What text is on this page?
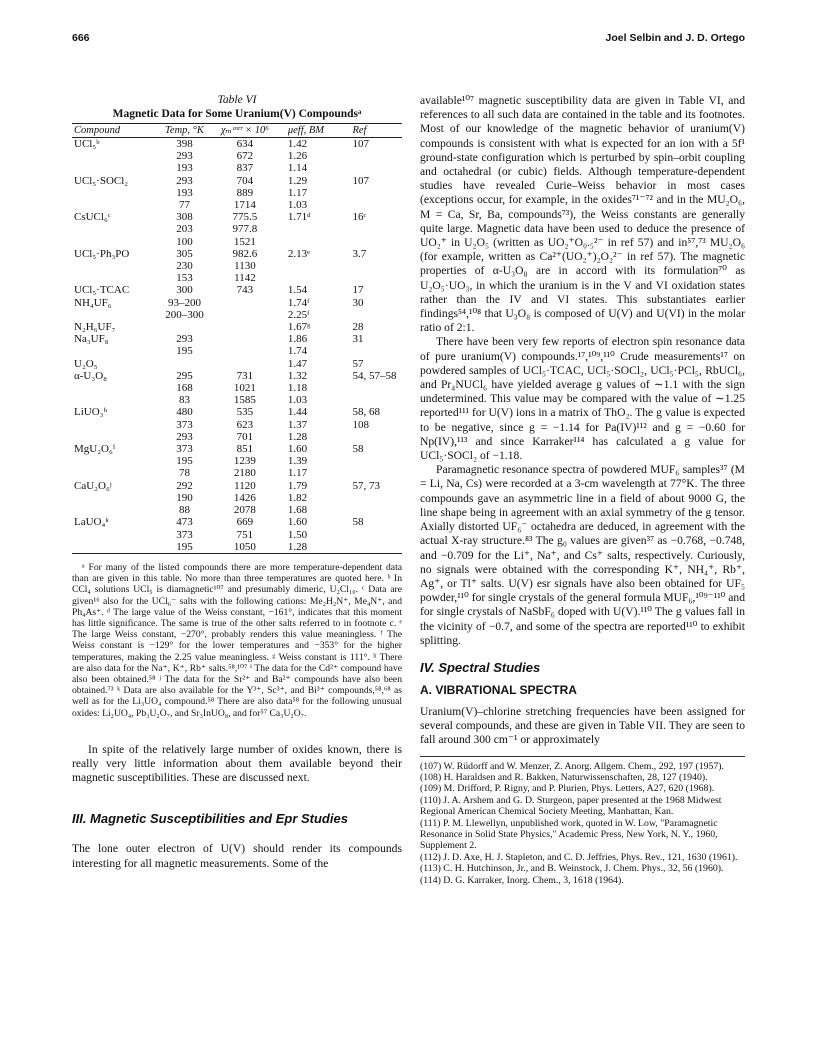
666	Joel Selbin and J. D. Ortego

Table VI

Magnetic Data for Some Uranium(V) Compoundsᵃ

Compound	Temp, °K	χₘᶜᵒʳʳ × 10⁶	μeff, BM	Ref
UCl₅ᵇ	398	634	1.42	107
	293	672	1.26	
	193	837	1.14	
UCl₅·SOCl₂	293	704	1.29	107
	193	889	1.17	
	77	1714	1.03	
CsUCl₆ᶜ	308	775.5	1.71ᵈ	16ᶜ
	203	977.8		
	100	1521		
UCl₅·Ph₃PO	305	982.6	2.13ᵉ	3.7
	230	1130		
	153	1142		
UCl₅·TCAC	300	743	1.54	17
NH₄UF₆	93–200		1.74ᶠ	30
	200–300		2.25ᶠ	
N₂H₆UF₇			1.67ᵍ	28
Na₃UF₈	293		1.86	31
	195		1.74	
U₂O₅			1.47	57
α-U₃O₈	295	731	1.32	54, 57–58
	168	1021	1.18	
	83	1585	1.03	
LiUO₃ʰ	480	535	1.44	58, 68
	373	623	1.37	108
	293	701	1.28	
MgU₂O₆ⁱ	373	851	1.60	58
	195	1239	1.39	
	78	2180	1.17	
CaU₂O₆ʲ	292	1120	1.79	57, 73
	190	1426	1.82	
	88	2078	1.68	
LaUO₄ᵏ	473	669	1.60	58
	373	751	1.50	
	195	1050	1.28	
ᵃ For many of the listed compounds there are more temperature-dependent data than are given in this table. No more than three temperatures are quoted here. ᵇ In CCl₄ solutions UCl₅ is diamagnetic¹⁰⁷ and presumably dimeric, U₂Cl₁₀. ᶜ Data are given¹⁶ also for the UCl₆⁻ salts with the following cations: Me₂H₂N⁺, Me₄N⁺, and Ph₄As⁺. ᵈ The large value of the Weiss constant, −161°, indicates that this moment has little significance. The same is true of the other salts referred to in footnote c. ᵉ The large Weiss constant, −270°, probably renders this value meaningless. ᶠ The Weiss constant is −129° for the lower temperatures and −353° for the higher temperatures, making the 2.25 value meaningless. ᵍ Weiss constant is 111°. ʰ There are also data for the Na⁺, K⁺, Rb⁺ salts.⁵⁸,¹⁰⁷ ⁱ The data for the Cd²⁺ compound have also been obtained.⁵⁸ ʲ The data for the Sr²⁺ and Ba²⁺ compounds have also been obtained.⁷³ ᵏ Data are also available for the Y³⁺, Sc³⁺, and Bi³⁺ compounds,⁵⁸,⁶⁸ as well as for the Li₃UO₄ compound.⁵⁸ There are also data⁵⁸ for the following unusual oxides: Li₂UO₄, Pb₃U₂O₇, and Sr₃InUO₈, and for⁵⁷ Ca₃U₂O₇.

In spite of the relatively large number of oxides known, there is really very little information about them available beyond their magnetic susceptibilities. These are discussed next.

III. Magnetic Susceptibilities and Epr Studies

The lone outer electron of U(V) should render its compounds interesting for all magnetic measurements. Some of the

available¹⁰⁷ magnetic susceptibility data are given in Table VI, and references to all such data are contained in the table and its footnotes. Most of our knowledge of the magnetic behavior of uranium(V) compounds is consistent with what is expected for an ion with a 5f¹ ground-state configuration which is perturbed by spin–orbit coupling and octahedral (or cubic) fields. Although temperature-dependent studies have revealed Curie–Weiss behavior in most cases (exceptions occur, for example, in the oxides⁷¹⁻⁷² and in the MU₂O₆, M = Ca, Sr, Ba, compounds⁷³), the Weiss constants are generally quite large. Magnetic data have been used to deduce the presence of UO₂⁺ in U₂O₅ (written as UO₂⁺O₀.₅²⁻ in ref 57) and in⁵⁷,⁷³ MU₂O₆ (for example, written as Ca²⁺(UO₂⁺)₂O₂²⁻ in ref 57). The magnetic properties of α-U₃O₈ are in accord with its formulation⁷⁰ as U₂O₅·UO₃, in which the uranium is in the V and VI oxidation states rather than the IV and VI states. This substantiates earlier findings⁵⁴,¹⁰⁸ that U₃O₈ is composed of U(V) and U(VI) in the molar ratio of 2:1.

There have been very few reports of electron spin resonance data of pure uranium(V) compounds.¹⁷,¹⁰⁹,¹¹⁰ Crude measurements¹⁷ on powdered samples of UCl₅·TCAC, UCl₅·SOCl₂, UCl₅·PCl₅, RbUCl₆, and Pr₄NUCl₆ have yielded average g values of ∼1.1 with the sign undetermined. This value may be compared with the value of ∼1.25 reported¹¹¹ for U(V) ions in a matrix of ThO₂. The g value is expected to be negative, since g = −1.14 for Pa(IV)¹¹² and g = −0.60 for Np(IV),¹¹³ and since Karraker¹¹⁴ has calculated a g value for UCl₅·SOCl₂ of −1.18.

Paramagnetic resonance spectra of powdered MUF₆ samples³⁷ (M = Li, Na, Cs) were recorded at a 3-cm wavelength at 77°K. The three compounds gave an asymmetric line in a field of about 9000 G, the line shape being in agreement with an axial symmetry of the g tensor. Axially distorted UF₆⁻ octahedra are deduced, in agreement with the actual X-ray structure.⁸³ The g₀ values are given³⁷ as −0.768, −0.748, and −0.709 for the Li⁺, Na⁺, and Cs⁺ salts, respectively. Curiously, no signals were obtained with the corresponding K⁺, NH₄⁺, Rb⁺, Ag⁺, or Tl⁺ salts. U(V) esr signals have also been obtained for UF₅ powder,¹¹⁰ for single crystals of the general formula MUF₆,¹⁰⁹⁻¹¹⁰ and for single crystals of NaSbF₆ doped with U(V).¹¹⁰ The g values fall in the vicinity of −0.7, and some of the spectra are reported¹¹⁰ to exhibit splitting.

IV. Spectral Studies

A. VIBRATIONAL SPECTRA

Uranium(V)–chlorine stretching frequencies have been assigned for several compounds, and these are given in Table VII. They are seen to fall around 300 cm⁻¹ or approximately

(107) W. Rüdorff and W. Menzer, Z. Anorg. Allgem. Chem., 292, 197 (1957).
(108) H. Haraldsen and R. Bakken, Naturwissenschaften, 28, 127 (1940).
(109) M. Drifford, P. Rigny, and P. Plurien, Phys. Letters, A27, 620 (1968).
(110) J. A. Arshem and G. D. Sturgeon, paper presented at the 1968 Midwest Regional American Chemical Society Meeting, Manhattan, Kan.
(111) P. M. Llewellyn, unpublished work, quoted in W. Low, "Paramagnetic Resonance in Solid State Physics," Academic Press, New York, N. Y., 1960, Supplement 2.
(112) J. D. Axe, H. J. Stapleton, and C. D. Jeffries, Phys. Rev., 121, 1630 (1961).
(113) C. H. Hutchinson, Jr., and B. Weinstock, J. Chem. Phys., 32, 56 (1960).
(114) D. G. Karraker, Inorg. Chem., 3, 1618 (1964).
